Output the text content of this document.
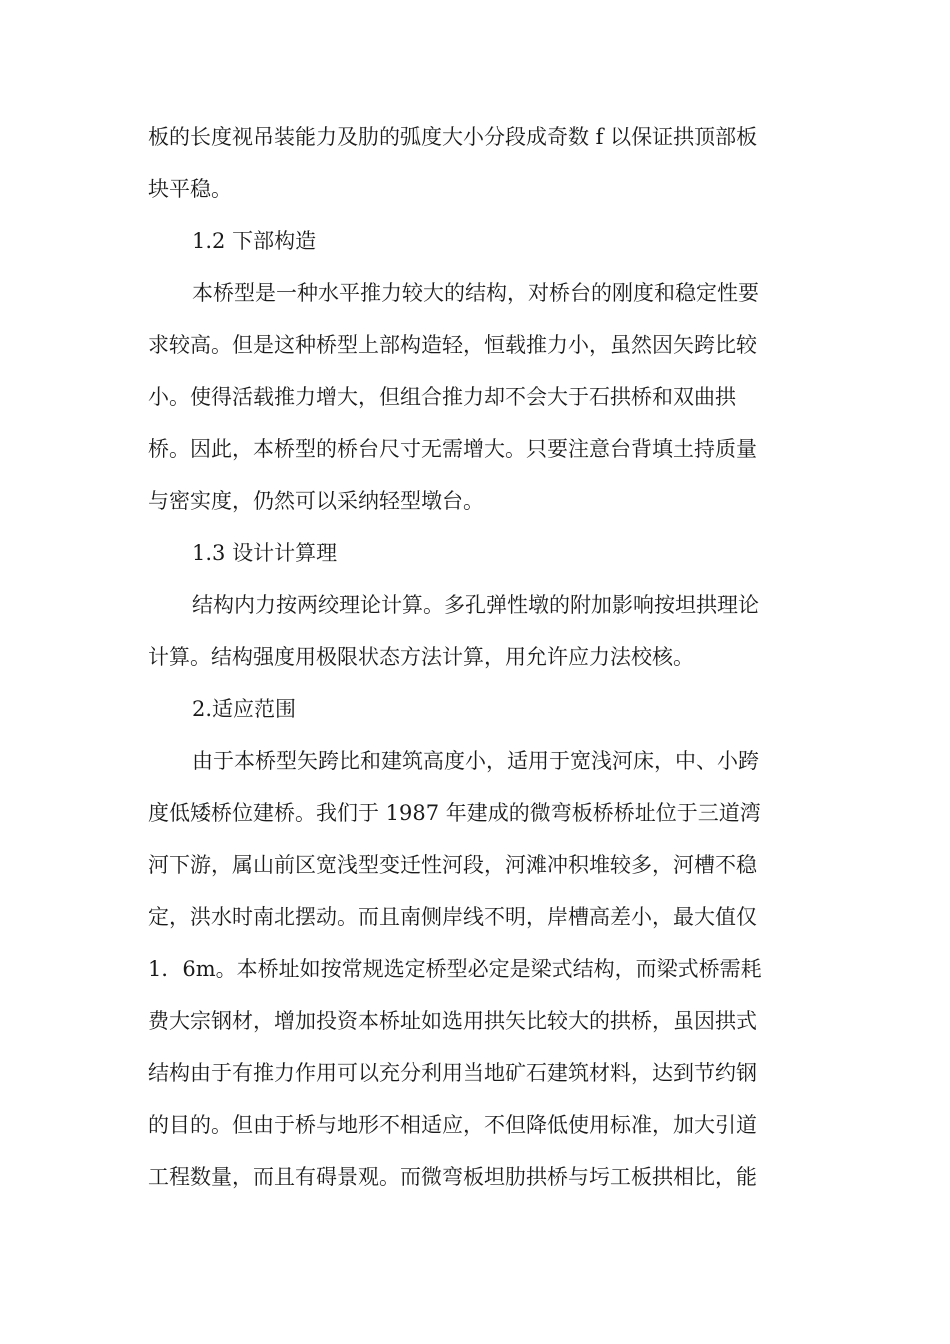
板的长度视吊装能力及肋的弧度大小分段成奇数 f 以保证拱顶部板
块平稳。
1.2 下部构造
本桥型是一种水平推力较大的结构，对桥台的刚度和稳定性要
求较高。但是这种桥型上部构造轻，恒载推力小，虽然因矢跨比较
小。使得活载推力增大，但组合推力却不会大于石拱桥和双曲拱
桥。因此，本桥型的桥台尺寸无需增大。只要注意台背填土持质量
与密实度，仍然可以采纳轻型墩台。
1.3 设计计算理
结构内力按两绞理论计算。多孔弹性墩的附加影响按坦拱理论
计算。结构强度用极限状态方法计算，用允许应力法校核。
2.适应范围
由于本桥型矢跨比和建筑高度小，适用于宽浅河床，中、小跨
度低矮桥位建桥。我们于 1987 年建成的微弯板桥桥址位于三道湾
河下游，属山前区宽浅型变迁性河段，河滩冲积堆较多，河槽不稳
定，洪水时南北摆动。而且南侧岸线不明，岸槽高差小，最大值仅
1．6m。本桥址如按常规选定桥型必定是梁式结构，而梁式桥需耗
费大宗钢材，增加投资本桥址如选用拱矢比较大的拱桥，虽因拱式
结构由于有推力作用可以充分利用当地矿石建筑材料，达到节约钢
的目的。但由于桥与地形不相适应，不但降低使用标准，加大引道
工程数量，而且有碍景观。而微弯板坦肋拱桥与圬工板拱相比，能
